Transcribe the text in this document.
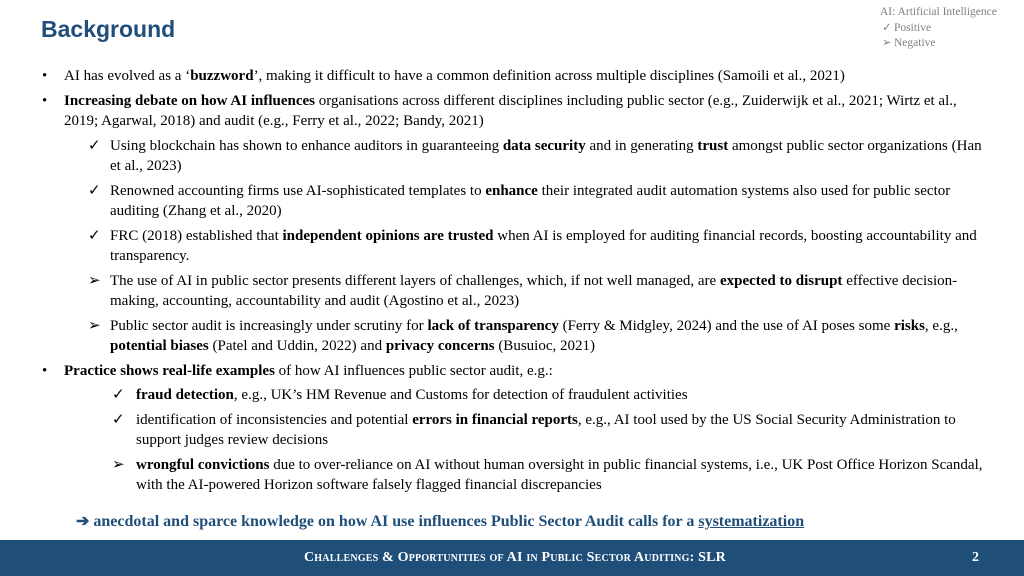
Background
AI: Artificial Intelligence
✓ Positive
➢ Negative
• AI has evolved as a ‘buzzword’, making it difficult to have a common definition across multiple disciplines (Samoili et al., 2021)
• Increasing debate on how AI influences organisations across different disciplines including public sector (e.g., Zuiderwijk et al., 2021; Wirtz et al., 2019; Agarwal, 2018) and audit (e.g., Ferry et al., 2022; Bandy, 2021)
✓ Using blockchain has shown to enhance auditors in guaranteeing data security and in generating trust amongst public sector organizations (Han et al., 2023)
✓ Renowned accounting firms use AI-sophisticated templates to enhance their integrated audit automation systems also used for public sector auditing (Zhang et al., 2020)
✓ FRC (2018) established that independent opinions are trusted when AI is employed for auditing financial records, boosting accountability and transparency.
➢ The use of AI in public sector presents different layers of challenges, which, if not well managed, are expected to disrupt effective decision-making, accounting, accountability and audit (Agostino et al., 2023)
➢ Public sector audit is increasingly under scrutiny for lack of transparency (Ferry & Midgley, 2024) and the use of AI poses some risks, e.g., potential biases (Patel and Uddin, 2022) and privacy concerns (Busuioc, 2021)
• Practice shows real-life examples of how AI influences public sector audit, e.g.:
✓ fraud detection, e.g., UK’s HM Revenue and Customs for detection of fraudulent activities
✓ identification of inconsistencies and potential errors in financial reports, e.g., AI tool used by the US Social Security Administration to support judges review decisions
➢ wrongful convictions due to over-reliance on AI without human oversight in public financial systems, i.e., UK Post Office Horizon Scandal, with the AI-powered Horizon software falsely flagged financial discrepancies
➔ anecdotal and sparce knowledge on how AI use influences Public Sector Audit calls for a systematization
Challenges & Opportunities of AI in Public Sector Auditing: SLR	2
